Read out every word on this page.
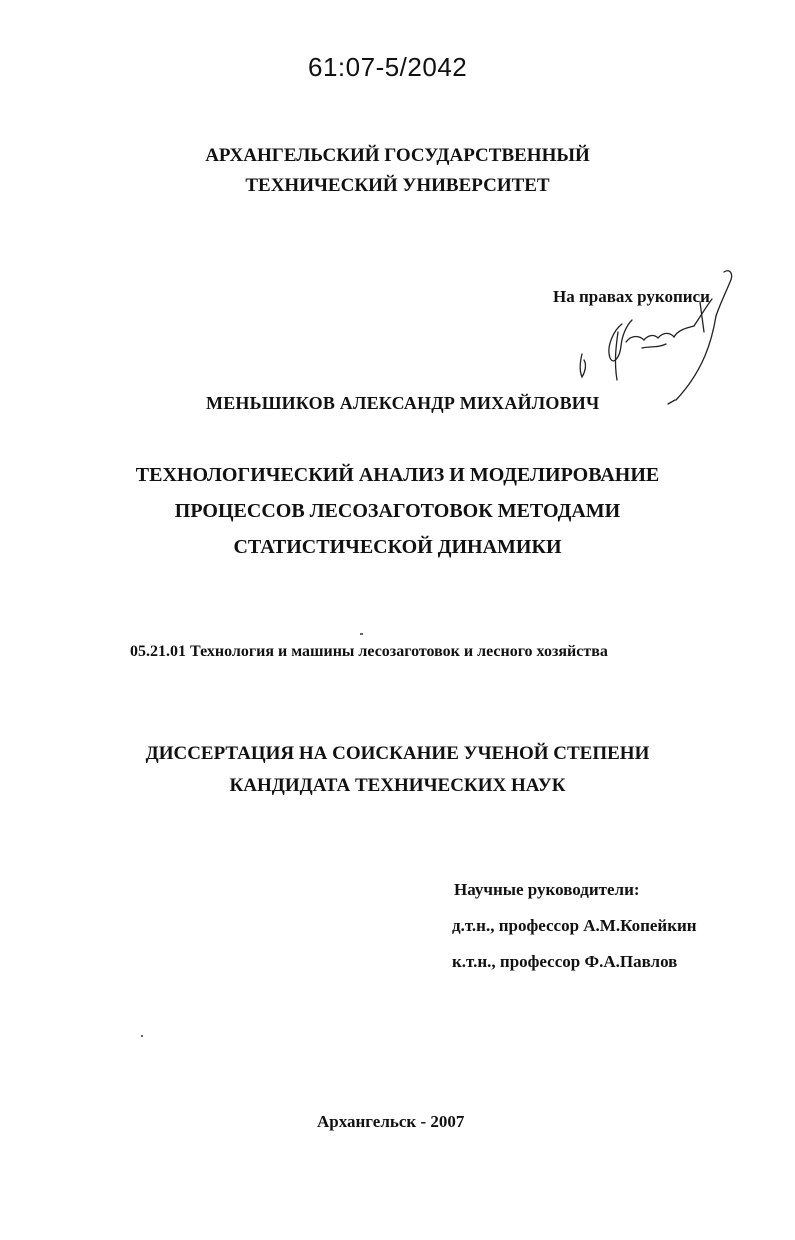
61:07-5/2042
АРХАНГЕЛЬСКИЙ ГОСУДАРСТВЕННЫЙ
ТЕХНИЧЕСКИЙ УНИВЕРСИТЕТ
На правах рукописи
МЕНЬШИКОВ АЛЕКСАНДР МИХАЙЛОВИЧ
ТЕХНОЛОГИЧЕСКИЙ АНАЛИЗ И МОДЕЛИРОВАНИЕ
ПРОЦЕССОВ ЛЕСОЗАГОТОВОК МЕТОДАМИ
СТАТИСТИЧЕСКОЙ ДИНАМИКИ
05.21.01 Технология и машины лесозаготовок и лесного хозяйства
ДИССЕРТАЦИЯ НА СОИСКАНИЕ УЧЕНОЙ СТЕПЕНИ
КАНДИДАТА ТЕХНИЧЕСКИХ НАУК
Научные руководители:
д.т.н., профессор А.М.Копейкин
к.т.н., профессор Ф.А.Павлов
Архангельск - 2007
